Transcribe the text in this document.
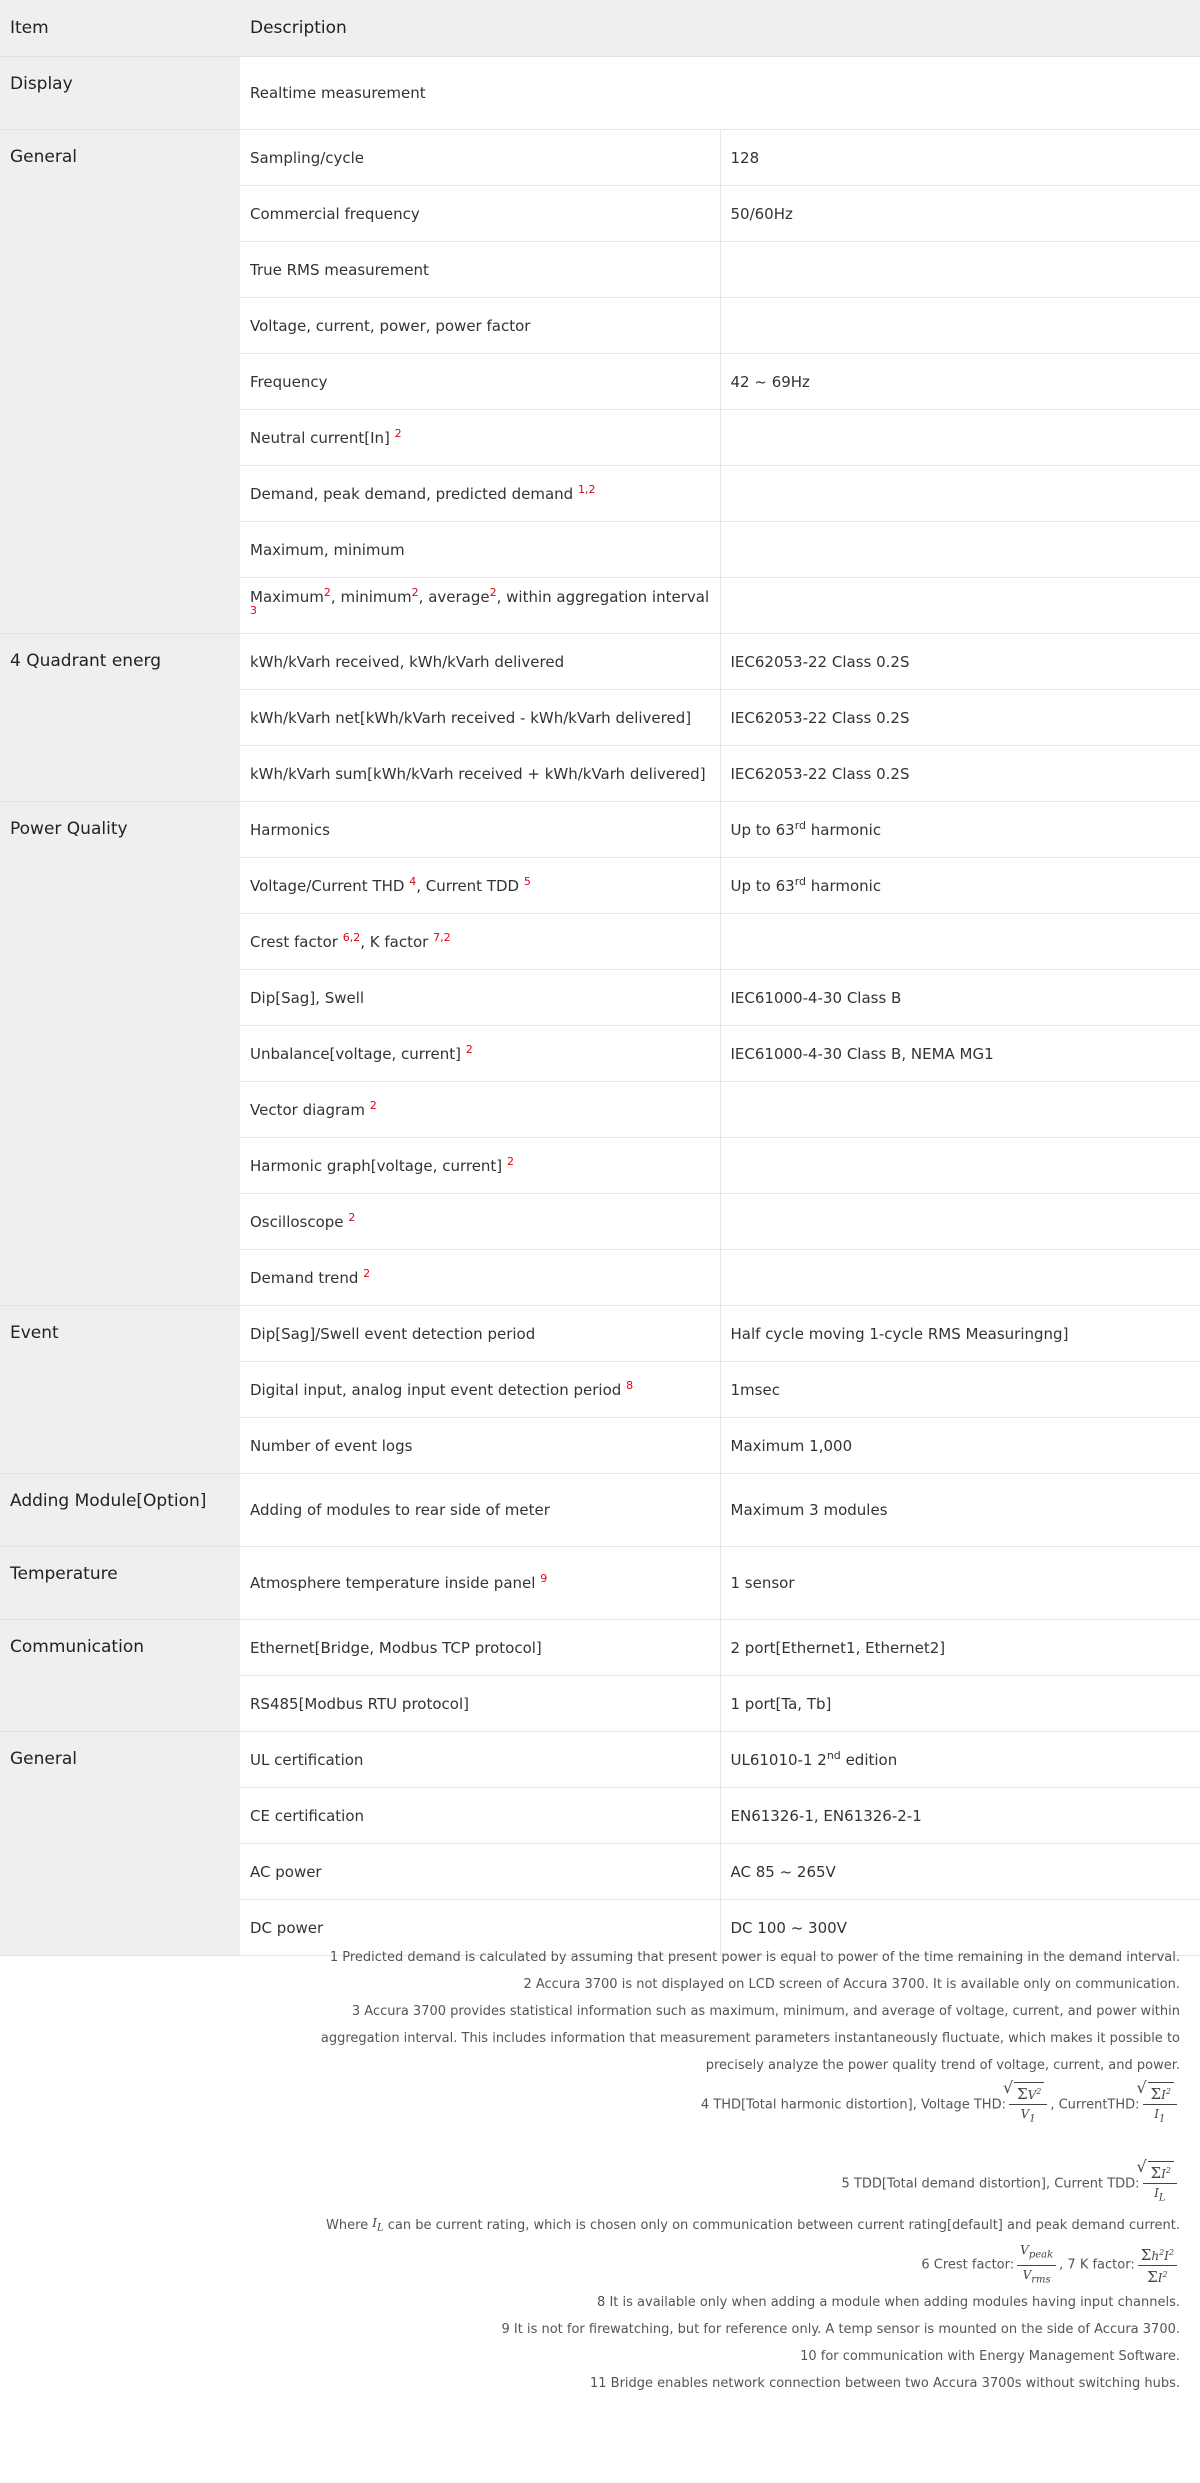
Item	Description	
Display	Realtime measurement	
General	Sampling/cycle	128
	Commercial frequency	50/60Hz
	True RMS measurement	
	Voltage, current, power, power factor	
	Frequency	42 ~ 69Hz
	Neutral current[In] $^2$	
	Demand, peak demand, predicted demand $^{1,2}$	
	Maximum, minimum	
	Maximum$^2$, minimum$^2$, average$^2$, within aggregation interval $^3$	
4 Quadrant energ	kWh/kVarh received, kWh/kVarh delivered	IEC62053-22 Class 0.2S
	kWh/kVarh net[kWh/kVarh received - kWh/kVarh delivered]	IEC62053-22 Class 0.2S
	kWh/kVarh sum[kWh/kVarh received + kWh/kVarh delivered]	IEC62053-22 Class 0.2S
Power Quality	Harmonics	Up to 63rd harmonic
	Voltage/Current THD $^4$, Current TDD $^5$	Up to 63rd harmonic
	Crest factor $^{6,2}$, K factor $^{7,2}$	
	Dip[Sag], Swell	IEC61000-4-30 Class B
	Unbalance[voltage, current] $^2$	IEC61000-4-30 Class B, NEMA MG1
	Vector diagram $^2$	
	Harmonic graph[voltage, current] $^2$	
	Oscilloscope $^2$	
	Demand trend $^2$	
Event	Dip[Sag]/Swell event detection period	Half cycle moving 1-cycle RMS Measuringng]
	Digital input, analog input event detection period $^8$	1msec
	Number of event logs	Maximum 1,000
Adding Module[Option]	Adding of modules to rear side of meter	Maximum 3 modules
Temperature	Atmosphere temperature inside panel $^9$	1 sensor
Communication	Ethernet[Bridge, Modbus TCP protocol]	2 port[Ethernet1, Ethernet2]
	RS485[Modbus RTU protocol]	1 port[Ta, Tb]
General	UL certification	UL61010-1 2nd edition
	CE certification	EN61326-1, EN61326-2-1
	AC power	AC 85 ~ 265V
	DC power	DC 100 ~ 300V

1 Predicted demand is calculated by assuming that present power is equal to power of the time remaining in the demand interval.

2 Accura 3700 is not displayed on LCD screen of Accura 3700. It is available only on communication.

3 Accura 3700 provides statistical information such as maximum, minimum, and average of voltage, current, and power within

aggregation interval. This includes information that measurement parameters instantaneously fluctuate, which makes it possible to

precisely analyze the power quality trend of voltage, current, and power.

4 THD[Total harmonic distortion], Voltage THD: √ $\frac{\Sigma V^2}{V_1}$ , CurrentTHD: √ $\frac{\Sigma I^2}{I_1}$

5 TDD[Total demand distortion], Current TDD: √ $\frac{\Sigma I^2}{I_L}$

Where $I_L$ can be current rating, which is chosen only on communication between current rating[default] and peak demand current.

6 Crest factor: $\frac{V_{peak}}{V_{rms}}$ , 7 K factor: $\frac{\Sigma h^2I^2}{\Sigma I^2}$

8 It is available only when adding a module when adding modules having input channels.

9 It is not for firewatching, but for reference only. A temp sensor is mounted on the side of Accura 3700.

10 for communication with Energy Management Software.

11 Bridge enables network connection between two Accura 3700s without switching hubs.
